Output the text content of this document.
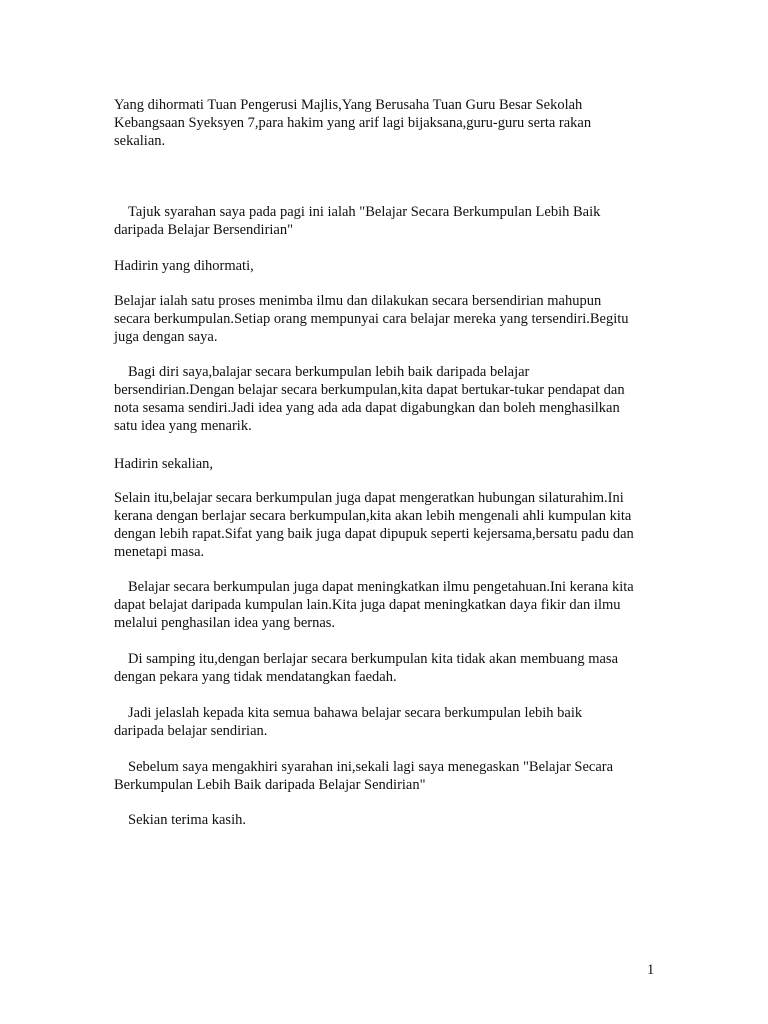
Yang dihormati Tuan Pengerusi Majlis,Yang Berusaha Tuan Guru Besar Sekolah
Kebangsaan Syeksyen 7,para hakim yang arif lagi bijaksana,guru-guru serta rakan
sekalian.

Tajuk syarahan saya pada pagi ini ialah "Belajar Secara Berkumpulan Lebih Baik
daripada Belajar Bersendirian"

Hadirin yang dihormati,

Belajar ialah satu proses menimba ilmu dan dilakukan secara bersendirian mahupun
secara berkumpulan.Setiap orang mempunyai cara belajar mereka yang tersendiri.Begitu
juga dengan saya.

Bagi diri saya,balajar secara berkumpulan lebih baik daripada belajar
bersendirian.Dengan belajar secara berkumpulan,kita dapat bertukar-tukar pendapat dan
nota sesama sendiri.Jadi idea yang ada ada dapat digabungkan dan boleh menghasilkan
satu idea yang menarik.

Hadirin sekalian,

Selain itu,belajar secara berkumpulan juga dapat mengeratkan hubungan silaturahim.Ini
kerana dengan berlajar secara berkumpulan,kita akan lebih mengenali ahli kumpulan kita
dengan lebih rapat.Sifat yang baik juga dapat dipupuk seperti kejersama,bersatu padu dan
menetapi masa.

Belajar secara berkumpulan juga dapat meningkatkan ilmu pengetahuan.Ini kerana kita
dapat belajat daripada kumpulan lain.Kita juga dapat meningkatkan daya fikir dan ilmu
melalui penghasilan idea yang bernas.

Di samping itu,dengan berlajar secara berkumpulan kita tidak akan membuang masa
dengan pekara yang tidak mendatangkan faedah.

Jadi jelaslah kepada kita semua bahawa belajar secara berkumpulan lebih baik
daripada belajar sendirian.

Sebelum saya mengakhiri syarahan ini,sekali lagi saya menegaskan "Belajar Secara
Berkumpulan Lebih Baik daripada Belajar Sendirian"

Sekian terima kasih.

1
